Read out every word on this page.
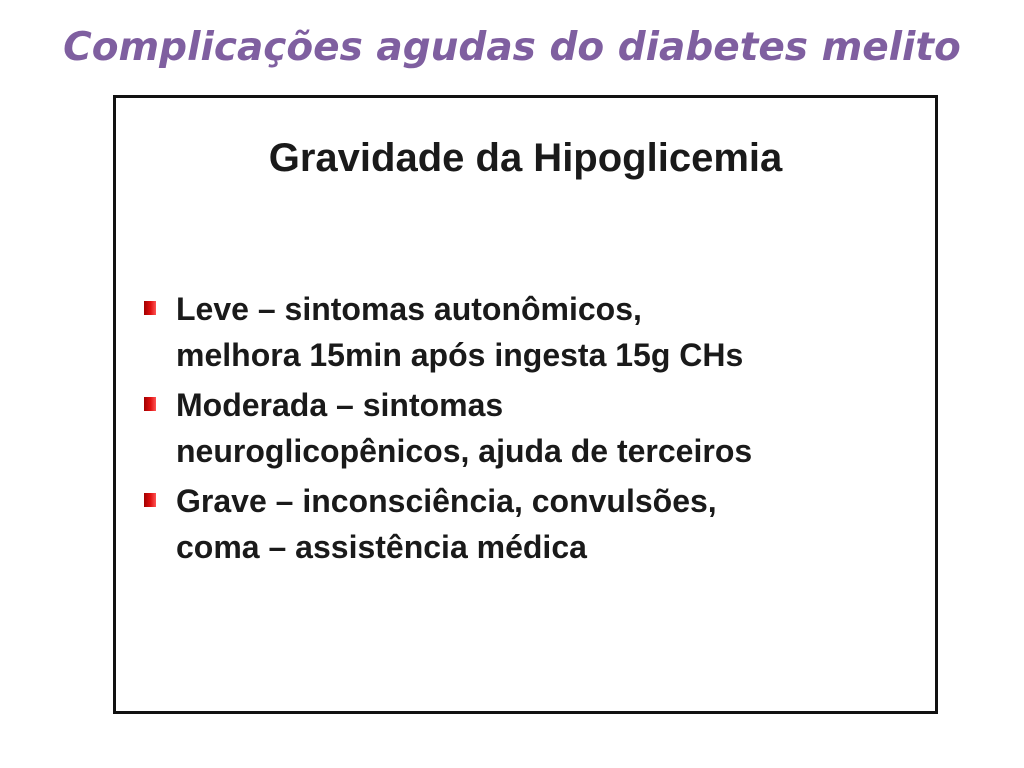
Complicações agudas do diabetes melito
Gravidade da Hipoglicemia
Leve – sintomas autonômicos,
melhora 15min após ingesta 15g CHs
Moderada – sintomas
neuroglicopênicos, ajuda de terceiros
Grave – inconsciência, convulsões,
coma – assistência médica
